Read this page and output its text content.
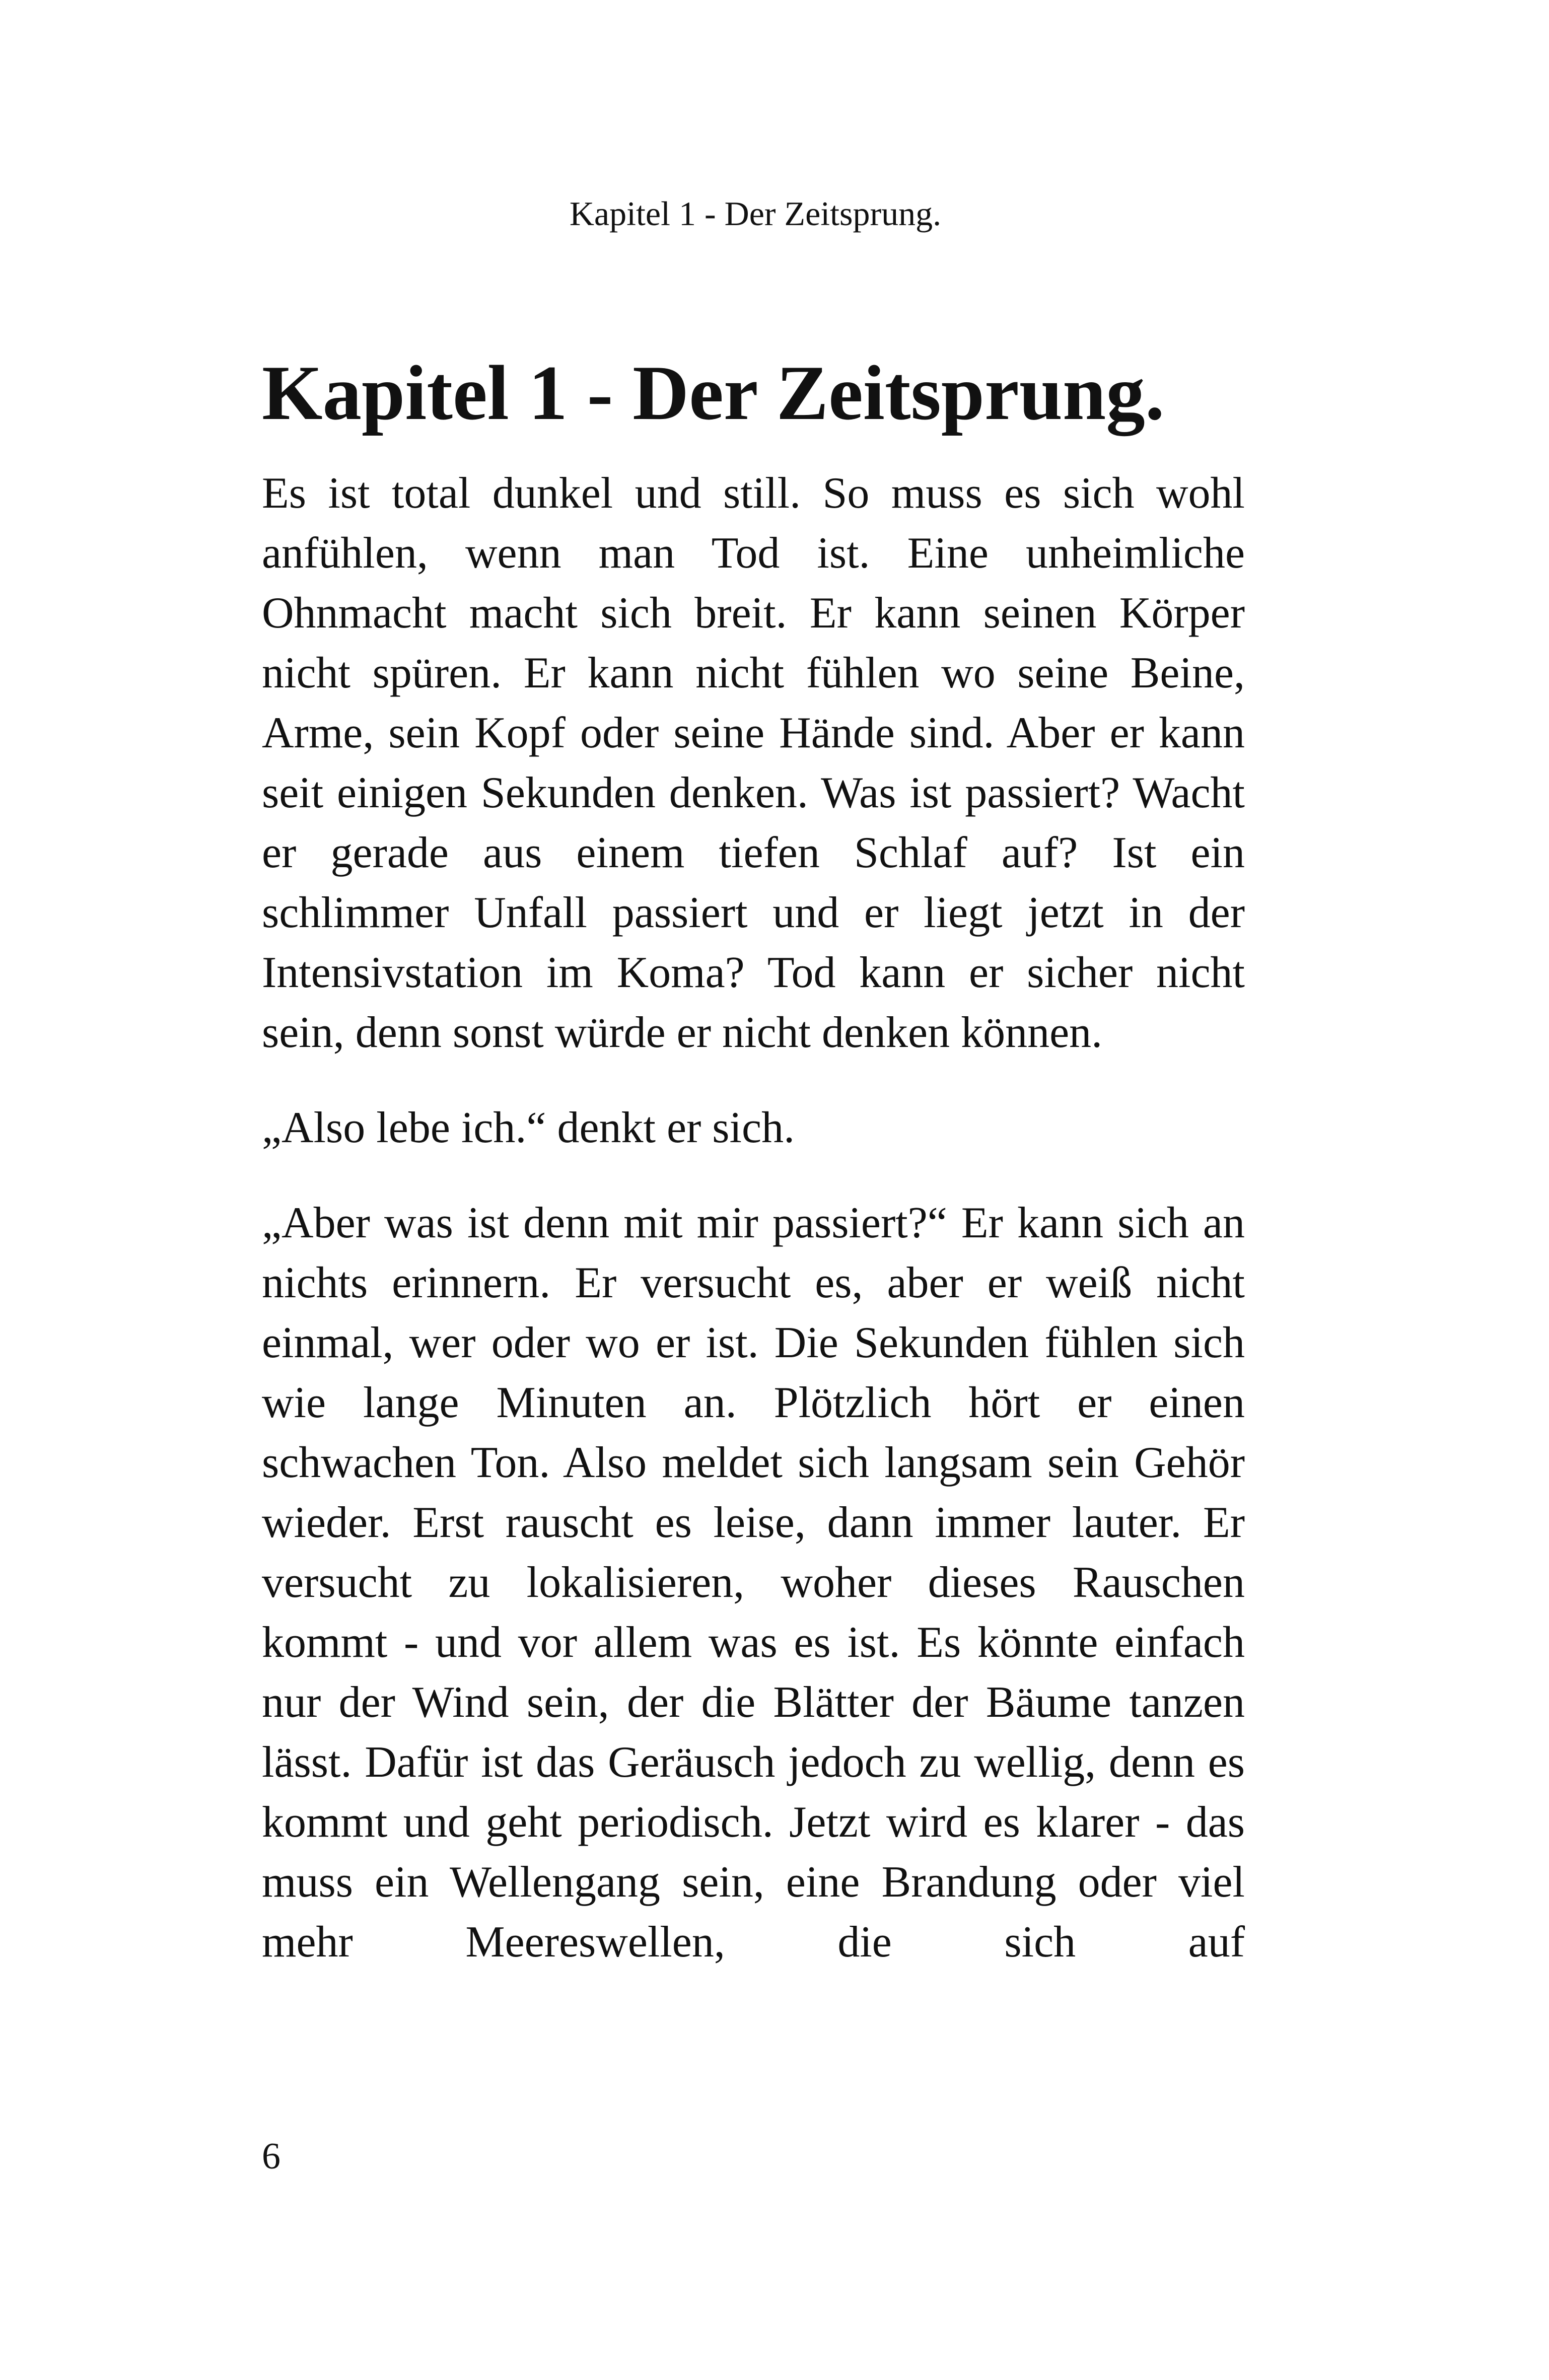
Kapitel 1 - Der Zeitsprung.
Kapitel 1 - Der Zeitsprung.

Es ist total dunkel und still. So muss es sich wohl anfühlen, wenn man Tod ist. Eine unheimliche Ohnmacht macht sich breit. Er kann seinen Körper nicht spüren. Er kann nicht fühlen wo seine Beine, Arme, sein Kopf oder seine Hände sind. Aber er kann seit einigen Sekunden denken. Was ist passiert? Wacht er gerade aus einem tiefen Schlaf auf? Ist ein schlimmer Unfall passiert und er liegt jetzt in der Intensivstation im Koma? Tod kann er sicher nicht sein, denn sonst würde er nicht denken können.

„Also lebe ich.“ denkt er sich.

„Aber was ist denn mit mir passiert?“ Er kann sich an nichts erinnern. Er versucht es, aber er weiß nicht einmal, wer oder wo er ist. Die Sekunden fühlen sich wie lange Minuten an. Plötzlich hört er einen schwachen Ton. Also meldet sich langsam sein Gehör wieder. Erst rauscht es leise, dann immer lauter. Er versucht zu lokalisieren, woher dieses Rauschen kommt - und vor allem was es ist. Es könnte einfach nur der Wind sein, der die Blätter der Bäume tanzen lässt. Dafür ist das Geräusch jedoch zu wellig, denn es kommt und geht periodisch. Jetzt wird es klarer - das muss ein Wellengang sein, eine Brandung oder viel mehr Meereswellen, die sich auf

6
